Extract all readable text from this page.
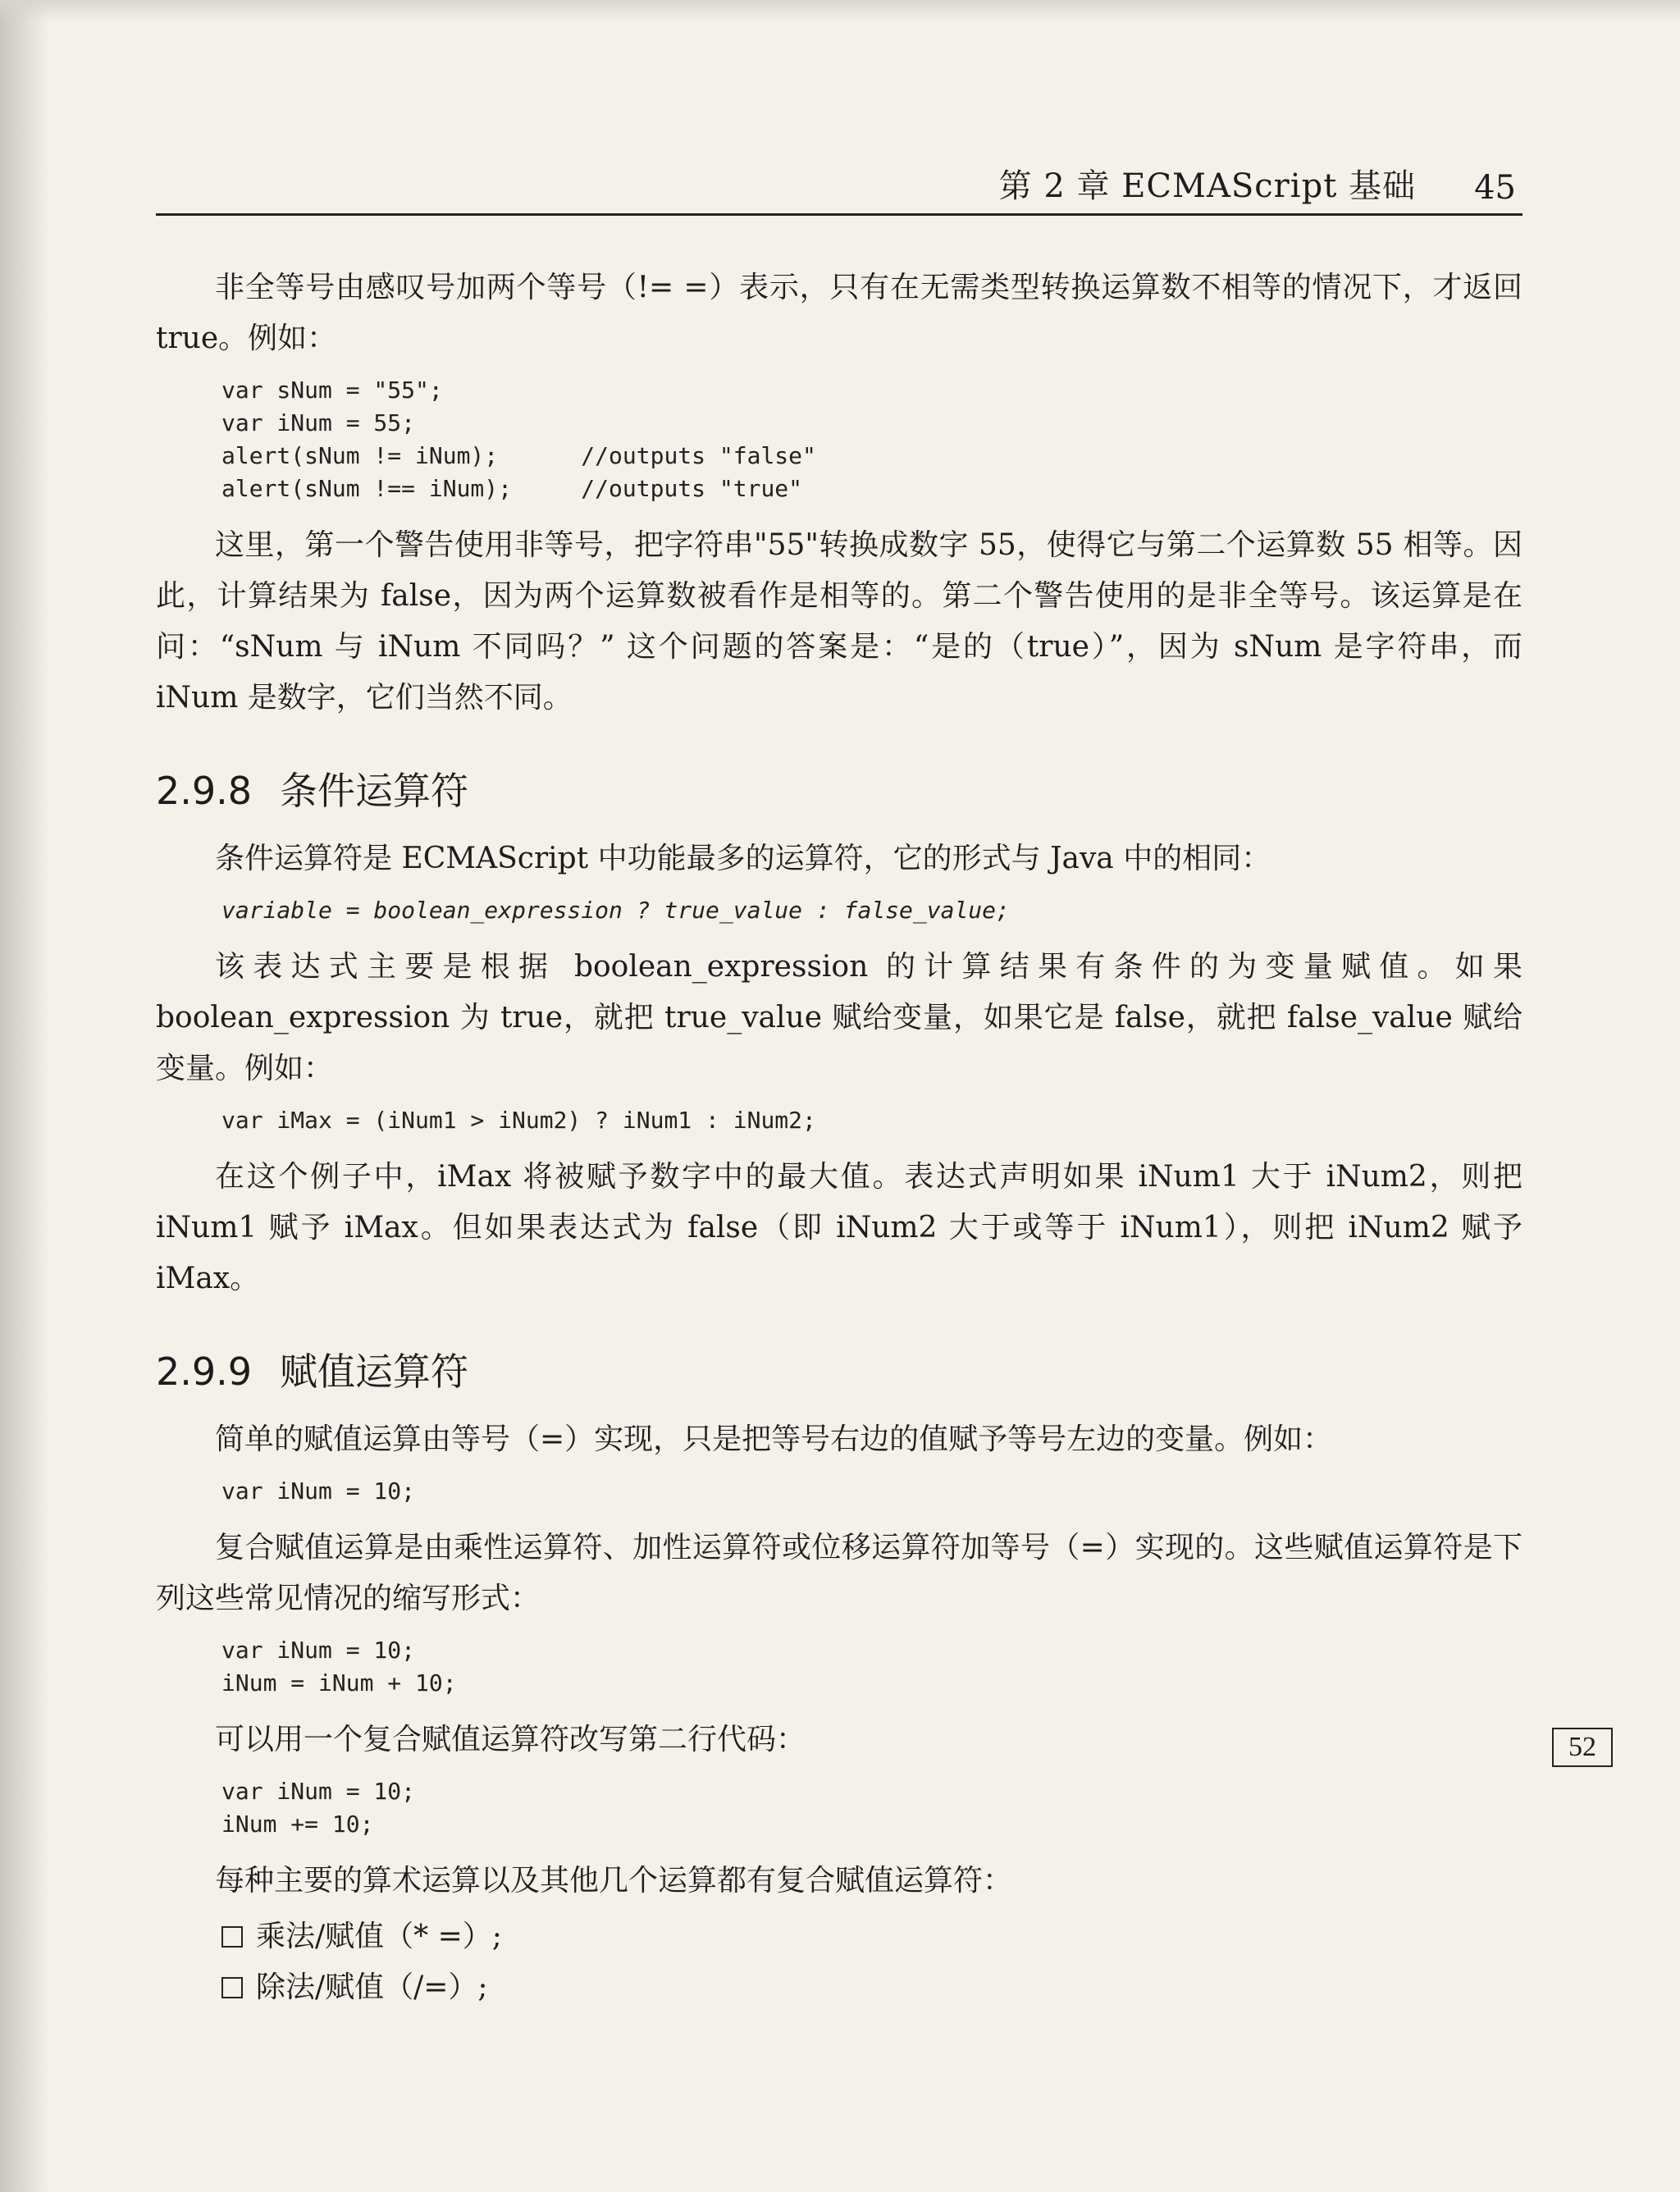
第 2 章 ECMAScript 基础 45

非全等号由感叹号加两个等号（!= =）表示，只有在无需类型转换运算数不相等的情况下，才返回 true。例如：

var sNum = "55";
var iNum = 55;
alert(sNum != iNum);      //outputs "false"
alert(sNum !== iNum);     //outputs "true"

这里，第一个警告使用非等号，把字符串"55"转换成数字 55，使得它与第二个运算数 55 相等。因此，计算结果为 false，因为两个运算数被看作是相等的。第二个警告使用的是非全等号。该运算是在问：“sNum 与 iNum 不同吗？” 这个问题的答案是：“是的（true）”，因为 sNum 是字符串，而 iNum 是数字，它们当然不同。

2.9.8 条件运算符

条件运算符是 ECMAScript 中功能最多的运算符，它的形式与 Java 中的相同：

variable = boolean_expression ? true_value : false_value;

该表达式主要是根据 boolean_expression 的计算结果有条件的为变量赋值。如果 boolean_expression 为 true，就把 true_value 赋给变量，如果它是 false，就把 false_value 赋给变量。例如：

var iMax = (iNum1 > iNum2) ? iNum1 : iNum2;

在这个例子中，iMax 将被赋予数字中的最大值。表达式声明如果 iNum1 大于 iNum2，则把 iNum1 赋予 iMax。但如果表达式为 false（即 iNum2 大于或等于 iNum1），则把 iNum2 赋予 iMax。

2.9.9 赋值运算符

简单的赋值运算由等号（=）实现，只是把等号右边的值赋予等号左边的变量。例如：

var iNum = 10;

复合赋值运算是由乘性运算符、加性运算符或位移运算符加等号（=）实现的。这些赋值运算符是下列这些常见情况的缩写形式：

var iNum = 10;
iNum = iNum + 10;

可以用一个复合赋值运算符改写第二行代码：

var iNum = 10;
iNum += 10;

每种主要的算术运算以及其他几个运算都有复合赋值运算符：

乘法/赋值（* =）;
除法/赋值（/=）;
52
